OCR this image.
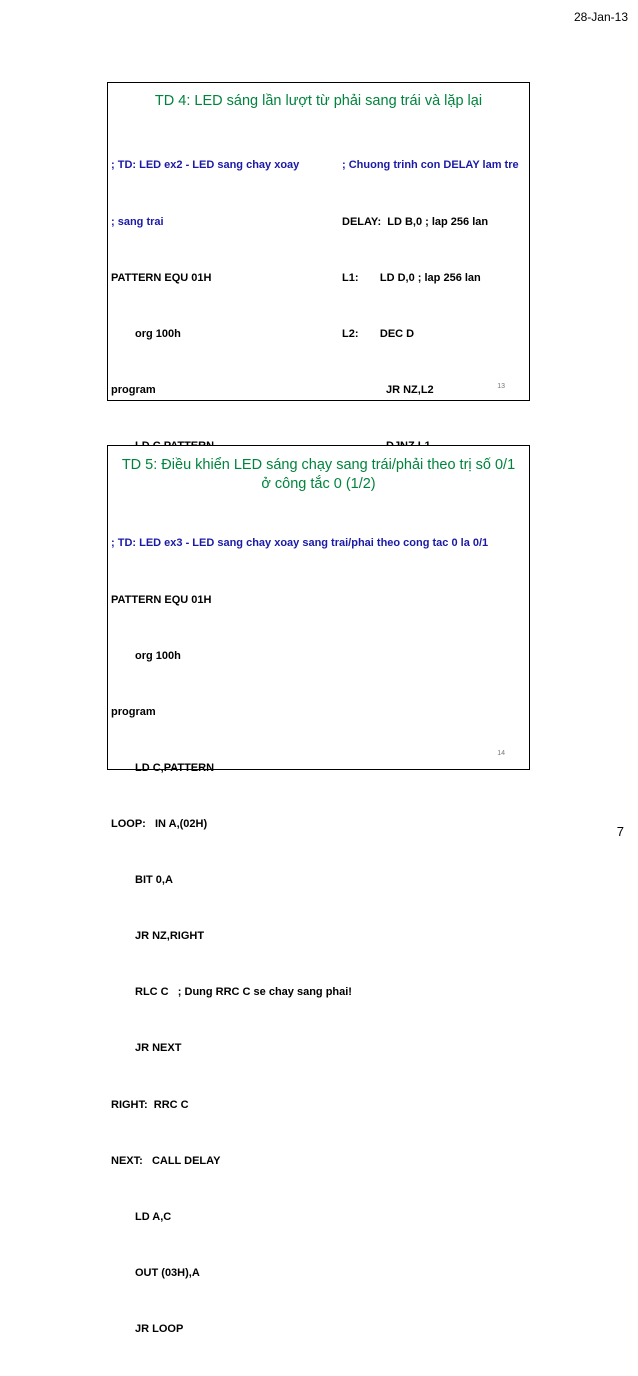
28-Jan-13
TD 4: LED sáng lần lượt từ phải sang trái và lặp lại

; TD: LED ex2 - LED sang chay xoay

; sang trai

PATTERN EQU 01H

org 100h

program

; Chuong trinh con DELAY lam tre

DELAY:  LD B,0 ; lap 256 lan

L1:       LD D,0 ; lap 256 lan

L2:       DEC D

JR NZ,L2

	13
TD 5: Điều khiển LED sáng chạy sang trái/phải theo trị số 0/1
ở công tắc 0 (1/2)

; TD: LED ex3 - LED sang chay xoay sang trai/phai theo cong tac 0 la 0/1

PATTERN EQU 01H

org 100h

program

LD C,PATTERN

LOOP:   IN A,(02H)

BIT 0,A

JR NZ,RIGHT

RLC C   ; Dung RRC C se chay sang phai!

JR NEXT

RIGHT:  RRC C

NEXT:   CALL DELAY

LD A,C

OUT (03H),A

JR LOOP

14
7
